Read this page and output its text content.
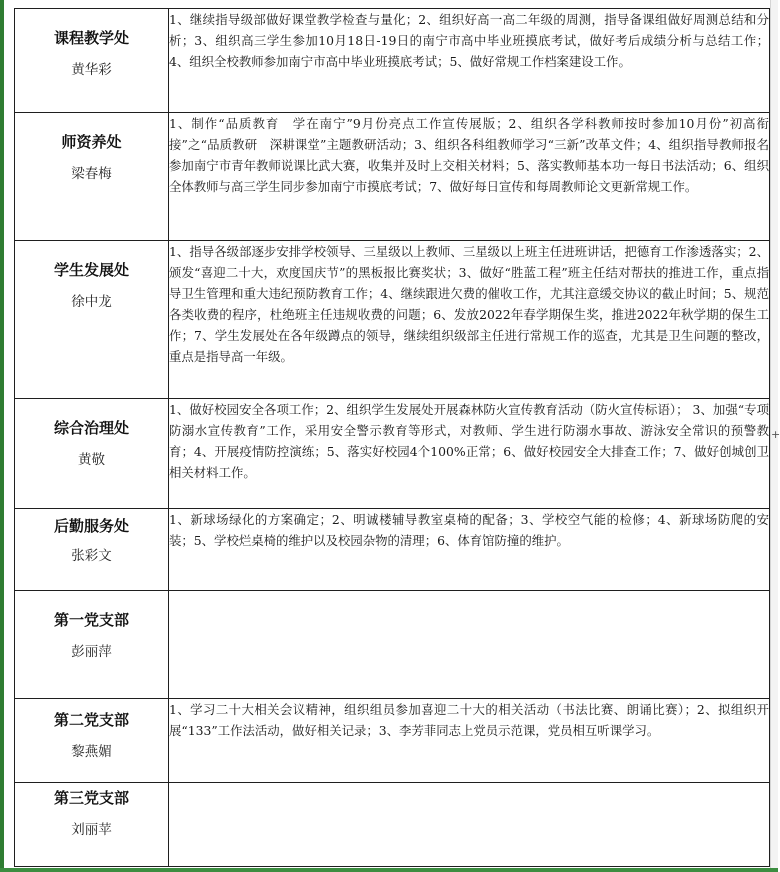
课程教学处
黄华彩	1、继续指导级部做好课堂教学检查与量化；2、组织好高一高二年级的周测，指导备课组做好周测总结和分析；3、组织高三学生参加10月18日-19日的南宁市高中毕业班摸底考试，做好考后成绩分析与总结工作；4、组织全校教师参加南宁市高中毕业班摸底考试；5、做好常规工作档案建设工作。

师资养处
梁春梅	1、制作“品质教育　学在南宁”9月份亮点工作宣传展版；2、组织各学科教师按时参加10月份”初高衔接”之“品质教研　深耕课堂”主题教研活动；3、组织各科组教师学习“三新”改革文件；4、组织指导教师报名参加南宁市青年教师说课比武大赛，收集并及时上交相关材料；5、落实教师基本功一每日书法活动；6、组织全体教师与高三学生同步参加南宁市摸底考试；7、做好每日宣传和每周教师论文更新常规工作。

学生发展处
徐中龙	1、指导各级部逐步安排学校领导、三星级以上教师、三星级以上班主任进班讲话，把德育工作渗透落实；2、颁发“喜迎二十大，欢度国庆节”的黑板报比赛奖状；3、做好“胜蓝工程”班主任结对帮扶的推进工作，重点指导卫生管理和重大违纪预防教育工作；4、继续跟进欠费的催收工作，尤其注意缓交协议的截止时间；5、规范各类收费的程序，杜绝班主任违规收费的问题；6、发放2022年春学期保生奖，推进2022年秋学期的保生工作；7、学生发展处在各年级蹲点的领导，继续组织级部主任进行常规工作的巡查，尤其是卫生问题的整改，重点是指导高一年级。

综合治理处
黄敬	1、做好校园安全各项工作；2、组织学生发展处开展森林防火宣传教育活动（防火宣传标语）； 3、加强“专项防溺水宣传教育”工作，采用安全警示教育等形式，对教师、学生进行防溺水事故、游泳安全常识的预警教育；4、开展疫情防控演练；5、落实好校园4个100%正常；6、做好校园安全大排查工作；7、做好创城创卫相关材料工作。

后勤服务处
张彩文	1、新球场绿化的方案确定；2、明诚楼辅导教室桌椅的配备；3、学校空气能的检修；4、新球场防爬的安装；5、学校烂桌椅的维护以及校园杂物的清理；6、体育馆防撞的维护。

第一党支部
彭丽萍	

第二党支部
黎燕媚	1、学习二十大相关会议精神，组织组员参加喜迎二十大的相关活动（书法比赛、朗诵比赛）；2、拟组织开展“133”工作法活动，做好相关记录；3、李芳菲同志上党员示范课，党员相互听课学习。

第三党支部
刘丽苹	

+
